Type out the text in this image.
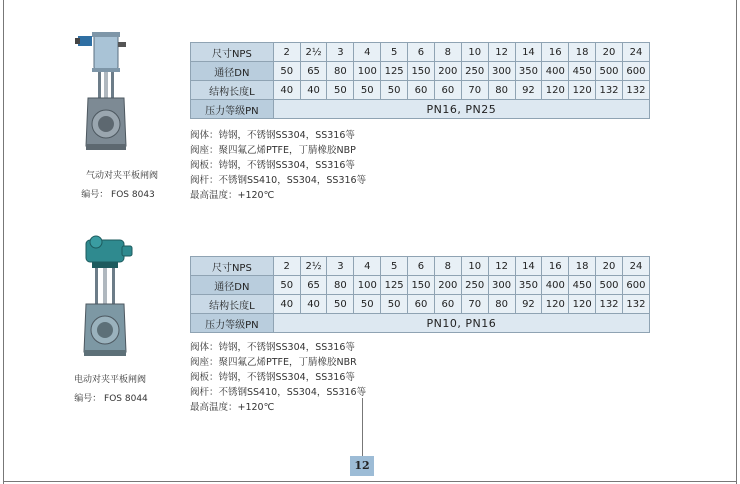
气动对夹平板闸阀
编号： FOS 8043
尺寸NPS	2	2½	3	4	5	6	8	10	12	14	16	18	20	24
通径DN	50	65	80	100	125	150	200	250	300	350	400	450	500	600
结构长度L	40	40	50	50	50	60	60	70	80	92	120	120	132	132
压力等级PN	PN16, PN25													
阀体：铸钢，不锈钢SS304，SS316等
阀座：聚四氟乙烯PTFE，丁腈橡胶NBP
阀板：铸钢，不锈钢SS304，SS316等
阀杆：不锈钢SS410，SS304，SS316等
最高温度：+120℃
电动对夹平板闸阀
编号： FOS 8044
尺寸NPS	2	2½	3	4	5	6	8	10	12	14	16	18	20	24
通径DN	50	65	80	100	125	150	200	250	300	350	400	450	500	600
结构长度L	40	40	50	50	50	60	60	70	80	92	120	120	132	132
压力等级PN	PN10, PN16													
阀体：铸钢，不锈钢SS304，SS316等
阀座：聚四氟乙烯PTFE，丁腈橡胶NBR
阀板：铸钢，不锈钢SS304，SS316等
阀杆：不锈钢SS410，SS304，SS316等
最高温度：+120℃
12
